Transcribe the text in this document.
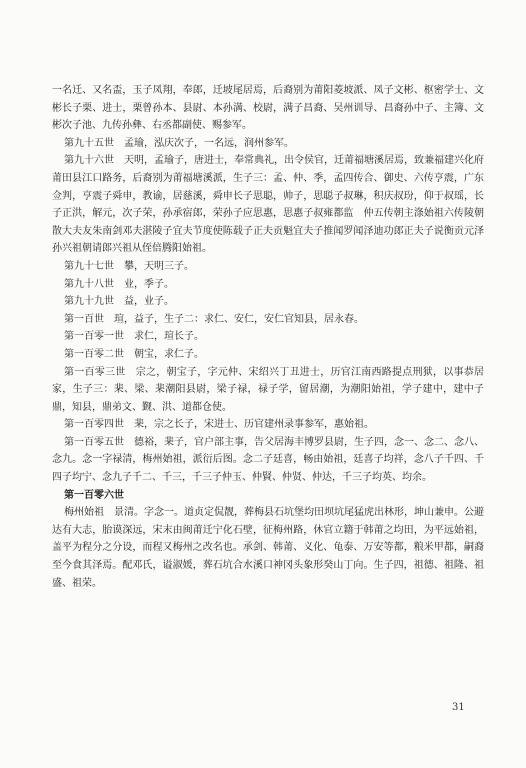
一名迁、又名盃，玉子凤翔，奉郎，迁坡尾居焉，后裔别为莆阳菱坡派、凤子文彬、枢密学士、文彬长子栗、进士，栗曾孙本、县尉、本孙满、校尉，满子昌裔、吴州训导、昌裔孙中子、主簿、文彬次子池、九传孙彝、右丞都副使、赐参军。

第九十五世　孟瑜，泓庆次子，一名远，润州参军。

第九十六世　天明，孟瑜子，唐进士，奉常典礼，出令侯官，迁莆福塘溪居焉，致兼福建兴化府莆田县江口路务，后裔别为莆福塘溪派，生子三：孟、仲、季，孟四传合、御史、六传亨震，广东佥判，亨震子舜申，教谕，居慈溪，舜申长子思聪，帅子，思聪子叔琳，积庆叔玢，仰于叔瑶，长子正洪，解元，次子荣，孙承宿郎，荣孙子应思惠，思惠子叔雍都监　仲五传朝主涤始祖六传陵朝散大夫友朱南剑邓夫湛陵子宜夫节度使陈载子正夫贡魁宜夫子推闻罗闻泽迪功郎正夫子说衡贡元泽孙兴祖朝请郎兴祖从侄倍腾阳始祖。

第九十七世　攀，天明三子。

第九十八世　业，季子。

第九十九世　益，业子。

第一百世　瑄，益子，生子二：求仁、安仁，安仁官知县，居永春。

第一百零一世　求仁，瑄长子。

第一百零二世　朝宝，求仁子。

第一百零三世　宗之，朝宝子，字元仲、宋绍兴丁丑进士，历官江南西路提点刑狱，以事恭居家，生子三：棐、梁、棐潮阳县尉，梁子禄，禄子学，留居潮，为潮阳始祖，学子建中，建中子鼎，知县，鼎弟文、觐、洪、道都仓使。

第一百零四世　棐，宗之长子，宋进士、历官建州录事参军，惠始祖。

第一百零五世　德裕，棐子，官户部主事，告父居海丰博罗县尉，生子四，念一、念二、念八、念九。念一字禄清，梅州始祖，派衍后图。念二子廷喜，畅由始祖，廷喜子均祥，念八子千四、千四子均宁、念九子千二、千三，千三子仲玉、仲賢、仲贤、仲达，千三子均英、均余。

第一百零六世

梅州始祖　景清。字念一。道贞定侃靓，葬梅县石坑堡均田坝坑尾猛虎出林形，坤山兼申。公避达有大志，胎谟深远，宋末由闽莆迁宁化石壁，征梅州路，休官立籍于韩莆之均田，为平远始祖，盖平为程分之分设，而程又梅州之改名也。承剑、韩莆、义化、龟泰、万安等都，粮米甲都，嗣裔至今食其泽焉。配邓氏，谥淑媛，葬石坑合水溪口神冈头象形癸山丁向。生子四，祖德、祖隆、祖盛、祖荣。

31
